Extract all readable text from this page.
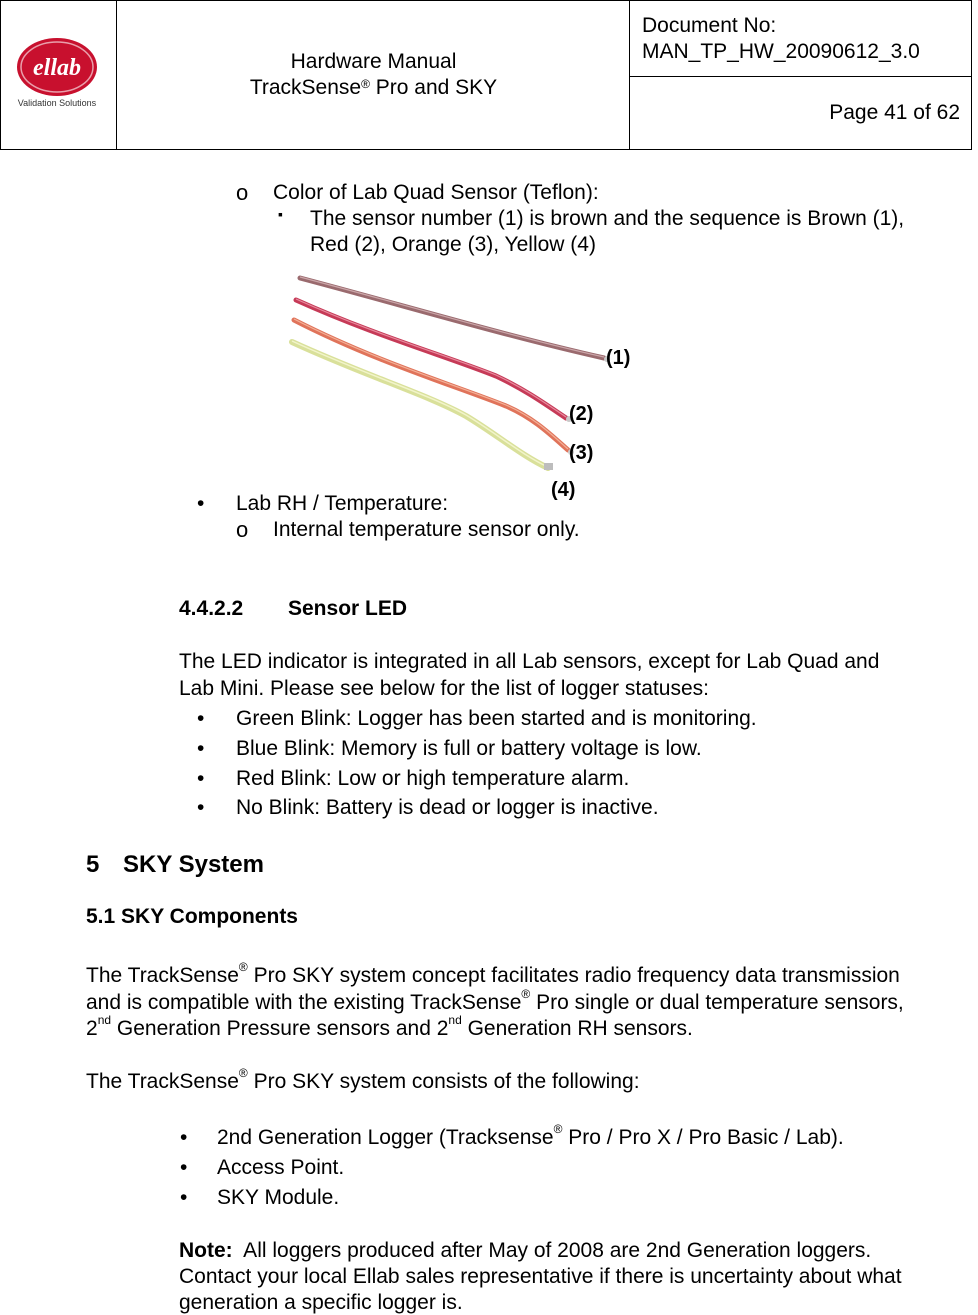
ellab
Validation Solutions
Hardware Manual
TrackSense® Pro and SKY
Document No:
MAN_TP_HW_20090612_3.0
Page 41 of 62
o Color of Lab Quad Sensor (Teflon):
▪ The sensor number (1) is brown and the sequence is Brown (1),
Red (2), Orange (3), Yellow (4)
(1)
(2)
(3)
(4)
• Lab RH / Temperature:
o Internal temperature sensor only.
4.4.2.2 Sensor LED
The LED indicator is integrated in all Lab sensors, except for Lab Quad and
Lab Mini. Please see below for the list of logger statuses:
• Green Blink: Logger has been started and is monitoring.
• Blue Blink: Memory is full or battery voltage is low.
• Red Blink: Low or high temperature alarm.
• No Blink: Battery is dead or logger is inactive.
5 SKY System
5.1 SKY Components
The TrackSense® Pro SKY system concept facilitates radio frequency data transmission
and is compatible with the existing TrackSense® Pro single or dual temperature sensors,
2nd Generation Pressure sensors and 2nd Generation RH sensors.
The TrackSense® Pro SKY system consists of the following:
• 2nd Generation Logger (Tracksense® Pro / Pro X / Pro Basic / Lab).
• Access Point.
• SKY Module.
Note:  All loggers produced after May of 2008 are 2nd Generation loggers.
Contact your local Ellab sales representative if there is uncertainty about what
generation a specific logger is.
